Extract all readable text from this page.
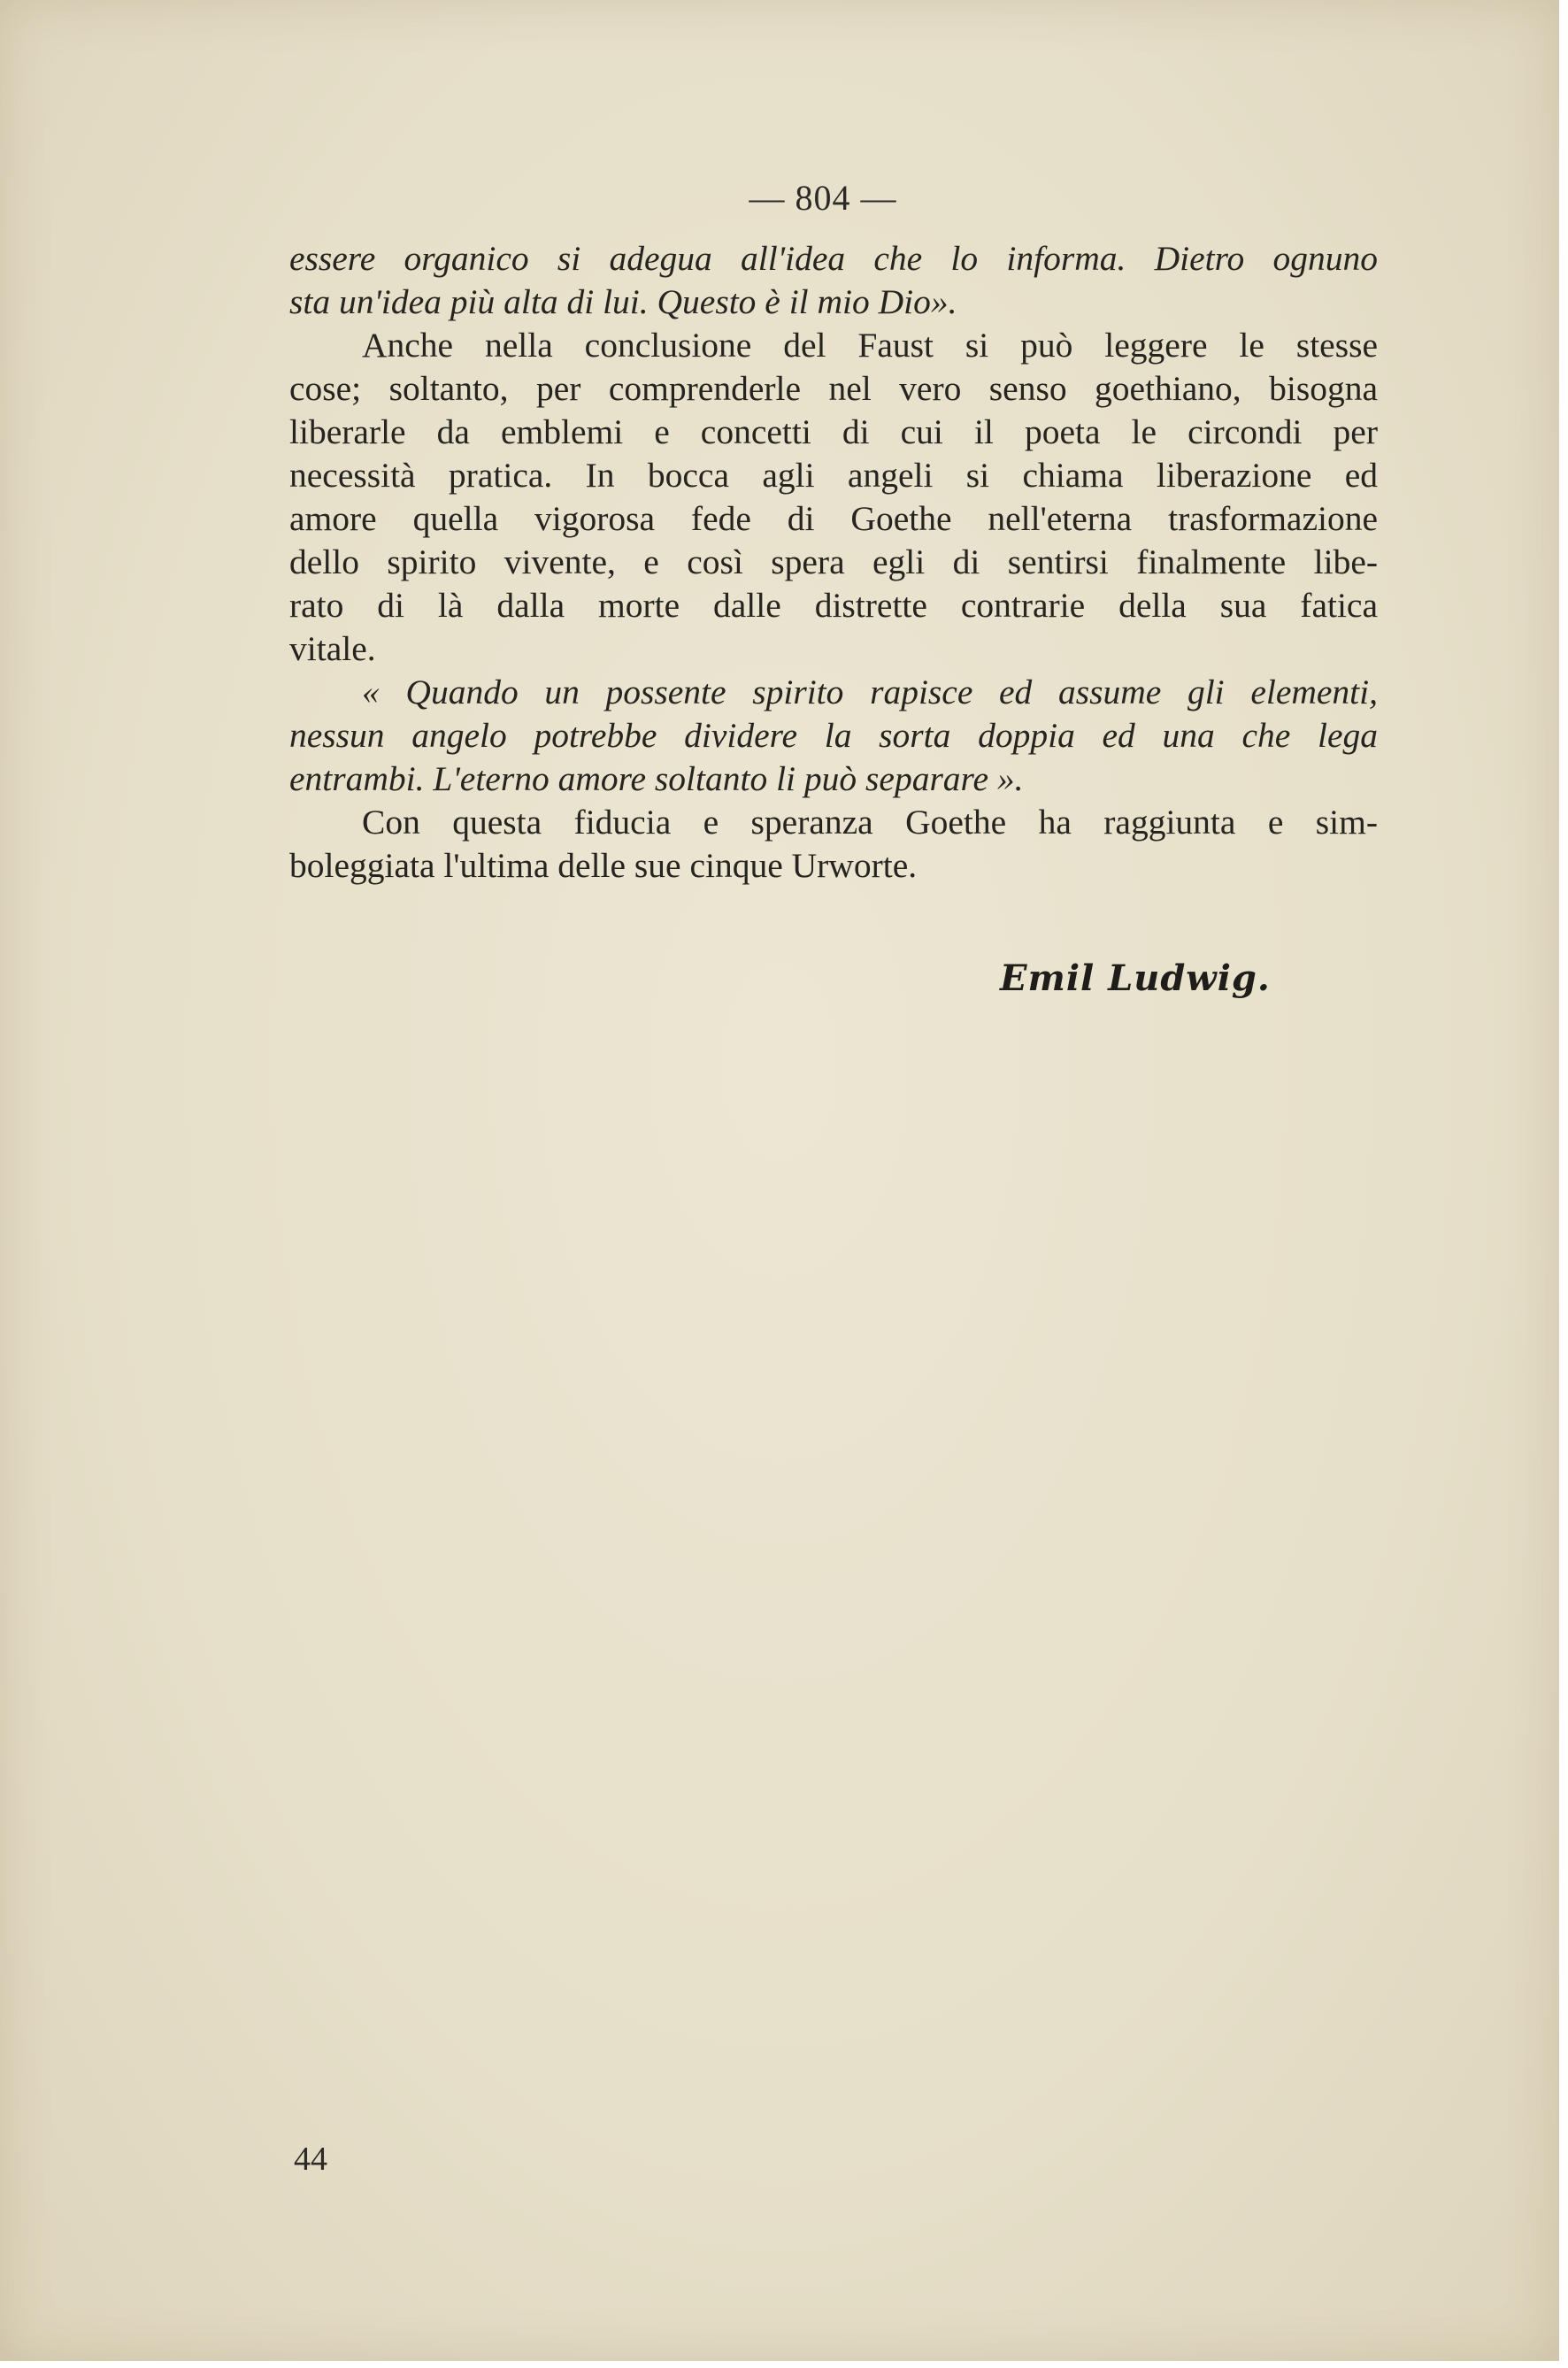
— 804 —
essere organico si adegua all'idea che lo informa. Dietro ognuno
sta un'idea più alta di lui. Questo è il mio Dio».
Anche nella conclusione del Faust si può leggere le stesse
cose; soltanto, per comprenderle nel vero senso goethiano, bisogna
liberarle da emblemi e concetti di cui il poeta le circondi per
necessità pratica. In bocca agli angeli si chiama liberazione ed
amore quella vigorosa fede di Goethe nell'eterna trasformazione
dello spirito vivente, e così spera egli di sentirsi finalmente libe-
rato di là dalla morte dalle distrette contrarie della sua fatica
vitale.
« Quando un possente spirito rapisce ed assume gli elementi,
nessun angelo potrebbe dividere la sorta doppia ed una che lega
entrambi. L'eterno amore soltanto li può separare ».
Con questa fiducia e speranza Goethe ha raggiunta e sim-
boleggiata l'ultima delle sue cinque Urworte.
Emil Ludwig.
44
